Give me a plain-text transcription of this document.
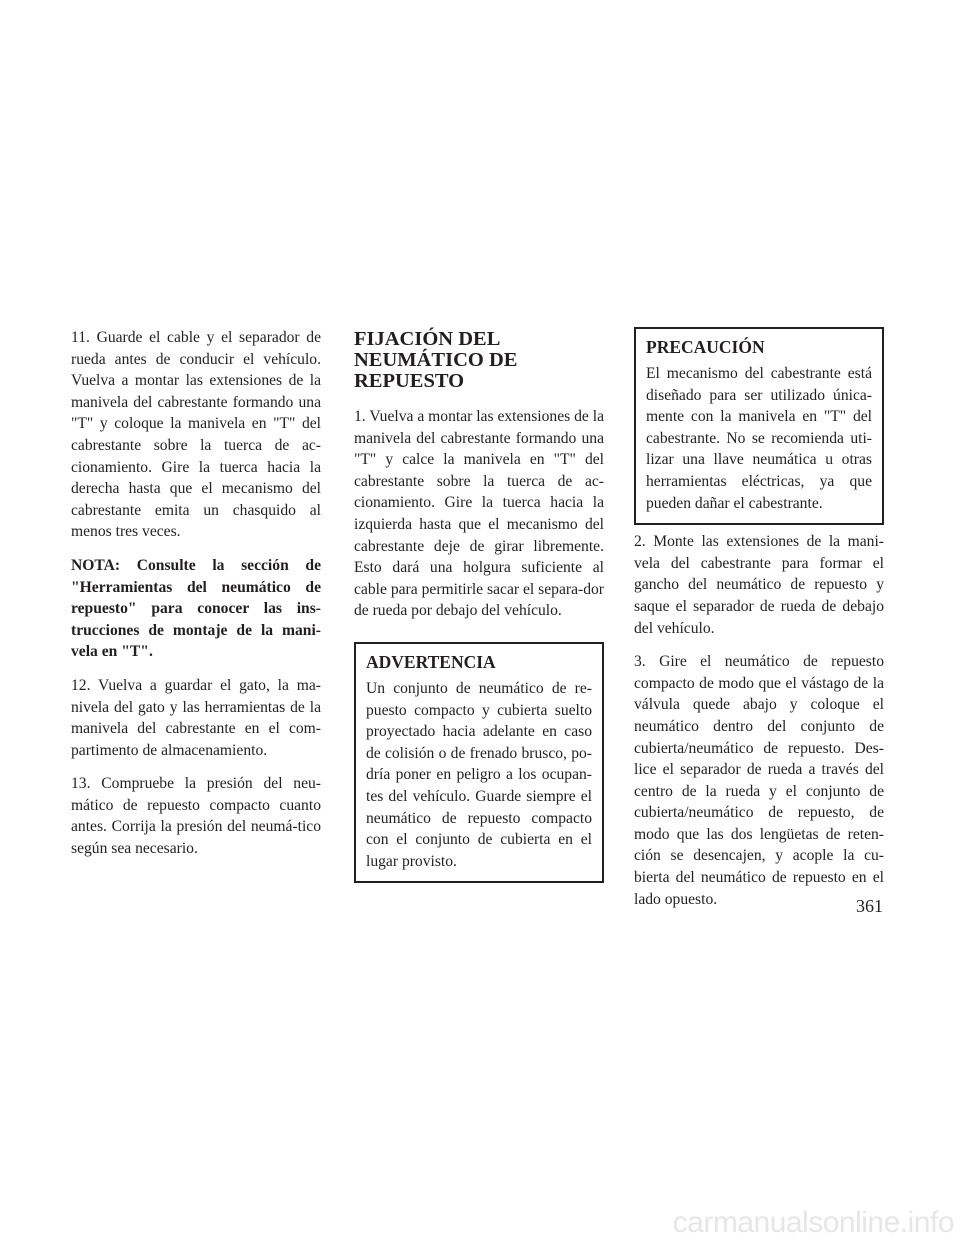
11. Guarde el cable y el separador de rueda antes de conducir el vehículo. Vuelva a montar las extensiones de la manivela del cabrestante formando una "T" y coloque la manivela en "T" del cabrestante sobre la tuerca de ac-cionamiento. Gire la tuerca hacia la derecha hasta que el mecanismo del cabrestante emita un chasquido al menos tres veces.

NOTA: Consulte la sección de "Herramientas del neumático de repuesto" para conocer las ins-trucciones de montaje de la mani-vela en "T".

12. Vuelva a guardar el gato, la ma-nivela del gato y las herramientas de la manivela del cabrestante en el com-partimento de almacenamiento.

13. Compruebe la presión del neu-mático de repuesto compacto cuanto antes. Corrija la presión del neumá-tico según sea necesario.

FIJACIÓN DEL
NEUMÁTICO DE
REPUESTO

1. Vuelva a montar las extensiones de la manivela del cabrestante formando una "T" y calce la manivela en "T" del cabrestante sobre la tuerca de ac-cionamiento. Gire la tuerca hacia la izquierda hasta que el mecanismo del cabrestante deje de girar libremente. Esto dará una holgura suficiente al cable para permitirle sacar el separa-dor de rueda por debajo del vehículo.

ADVERTENCIA

Un conjunto de neumático de re-puesto compacto y cubierta suelto proyectado hacia adelante en caso de colisión o de frenado brusco, po-dría poner en peligro a los ocupan-tes del vehículo. Guarde siempre el neumático de repuesto compacto con el conjunto de cubierta en el lugar provisto.

PRECAUCIÓN

El mecanismo del cabestrante está diseñado para ser utilizado única-mente con la manivela en "T" del cabestrante. No se recomienda uti-lizar una llave neumática u otras herramientas eléctricas, ya que pueden dañar el cabestrante.

2. Monte las extensiones de la mani-vela del cabestrante para formar el gancho del neumático de repuesto y saque el separador de rueda de debajo del vehículo.

3. Gire el neumático de repuesto compacto de modo que el vástago de la válvula quede abajo y coloque el neumático dentro del conjunto de cubierta/neumático de repuesto. Des-lice el separador de rueda a través del centro de la rueda y el conjunto de cubierta/neumático de repuesto, de modo que las dos lengüetas de reten-ción se desencajen, y acople la cu-bierta del neumático de repuesto en el lado opuesto.	361
carmanualsonline.info
